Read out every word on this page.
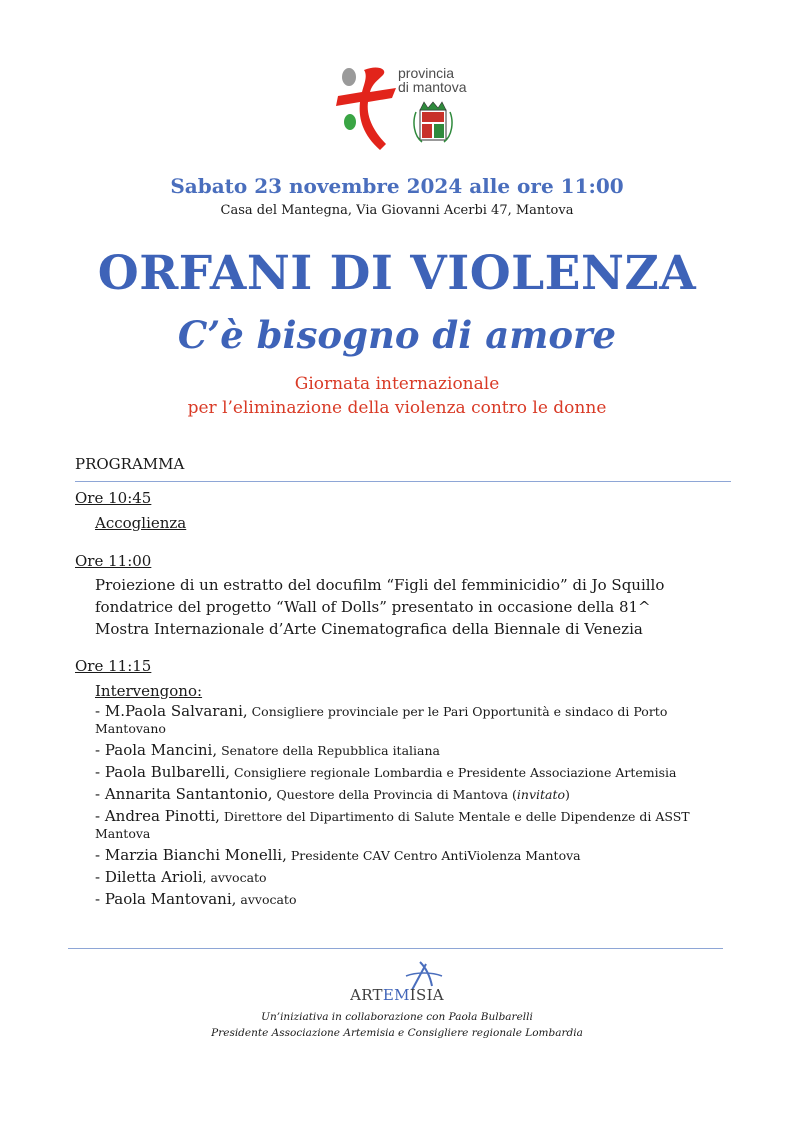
provincia
di mantova
Sabato 23 novembre 2024 alle ore 11:00
Casa del Mantegna, Via Giovanni Acerbi 47, Mantova
ORFANI DI VIOLENZA
C’è bisogno di amore
Giornata internazionale
per l’eliminazione della violenza contro le donne
PROGRAMMA
Ore 10:45
Accoglienza
Ore 11:00
Proiezione di un estratto del docufilm “Figli del femminicidio” di Jo Squillo
fondatrice del progetto “Wall of Dolls” presentato in occasione della 81^
Mostra Internazionale d’Arte Cinematografica della Biennale di Venezia
Ore 11:15
Intervengono:
- M.Paola Salvarani, Consigliere provinciale per le Pari Opportunità e sindaco di Porto Mantovano
- Paola Mancini, Senatore della Repubblica italiana
- Paola Bulbarelli, Consigliere regionale Lombardia e Presidente Associazione Artemisia
- Annarita Santantonio, Questore della Provincia di Mantova (invitato)
- Andrea Pinotti, Direttore del Dipartimento di Salute Mentale e delle Dipendenze di ASST Mantova
- Marzia Bianchi Monelli, Presidente CAV Centro AntiViolenza Mantova
- Diletta Arioli, avvocato
- Paola Mantovani, avvocato
ARTEMISIA
Un’iniziativa in collaborazione con Paola Bulbarelli
Presidente Associazione Artemisia e Consigliere regionale Lombardia
